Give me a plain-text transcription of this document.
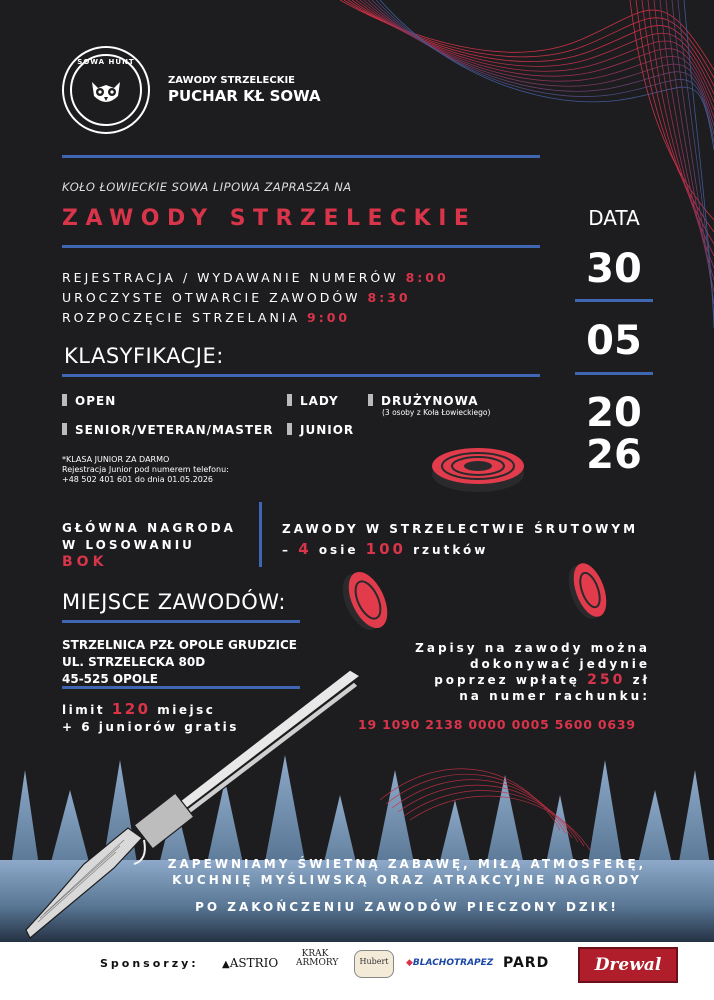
SOWA HUNT
ZAWODY STRZELECKIE
PUCHAR KŁ SOWA
KOŁO ŁOWIECKIE SOWA LIPOWA ZAPRASZA NA
ZAWODY STRZELECKIE
REJESTRACJA / WYDAWANIE NUMERÓW 8:00
UROCZYSTE OTWARCIE ZAWODÓW 8:30
ROZPOCZĘCIE STRZELANIA 9:00
DATA
30
05
20
26
KLASYFIKACJE:
OPEN	LADY	DRUŻYNOWA
(3 osoby z Koła Łowieckiego)
SENIOR/VETERAN/MASTER	JUNIOR
*KLASA JUNIOR ZA DARMO
Rejestracja Junior pod numerem telefonu:
+48 502 401 601 do dnia 01.05.2026
GŁÓWNA NAGRODA
W LOSOWANIU
BOK
ZAWODY W STRZELECTWIE ŚRUTOWYM
– 4 osie 100 rzutków
MIEJSCE ZAWODÓW:
STRZELNICA PZŁ OPOLE GRUDZICE
UL. STRZELECKA 80D
45-525 OPOLE
limit 120 miejsc
+ 6 juniorów gratis
Zapisy na zawody można
dokonywać jedynie
poprzez wpłatę 250 zł
na numer rachunku:
19 1090 2138 0000 0005 5600 0639
ZAPEWNIAMY ŚWIETNĄ ZABAWĘ, MIŁĄ ATMOSFERĘ,
KUCHNIĘ MYŚLIWSKĄ ORAZ ATRAKCYJNE NAGRODY
PO ZAKOŃCZENIU ZAWODÓW PIECZONY DZIK!
Sponsorzy: ▲ASTRIO
KRAK
ARMORY	Hubert	◆BLACHOTRAPEZ PARD	Drewal
